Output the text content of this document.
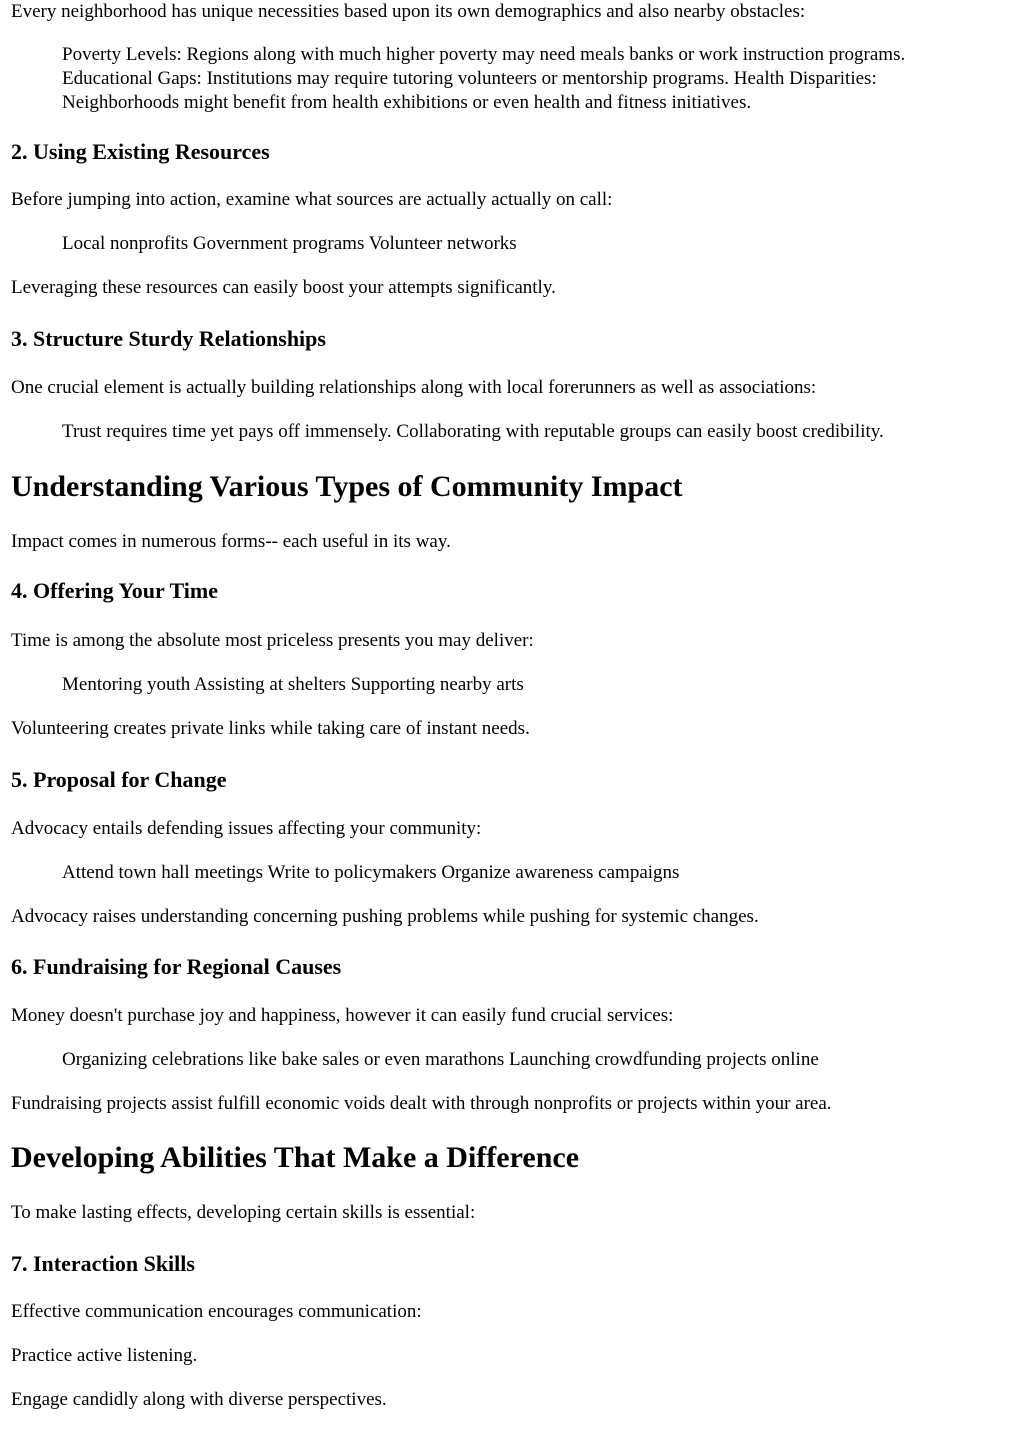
Every neighborhood has unique necessities based upon its own demographics and also nearby obstacles:
Poverty Levels: Regions along with much higher poverty may need meals banks or work instruction programs. Educational Gaps: Institutions may require tutoring volunteers or mentorship programs. Health Disparities: Neighborhoods might benefit from health exhibitions or even health and fitness initiatives.
2. Using Existing Resources
Before jumping into action, examine what sources are actually actually on call:
Local nonprofits Government programs Volunteer networks
Leveraging these resources can easily boost your attempts significantly.
3. Structure Sturdy Relationships
One crucial element is actually building relationships along with local forerunners as well as associations:
Trust requires time yet pays off immensely. Collaborating with reputable groups can easily boost credibility.
Understanding Various Types of Community Impact
Impact comes in numerous forms-- each useful in its way.
4. Offering Your Time
Time is among the absolute most priceless presents you may deliver:
Mentoring youth Assisting at shelters Supporting nearby arts
Volunteering creates private links while taking care of instant needs.
5. Proposal for Change
Advocacy entails defending issues affecting your community:
Attend town hall meetings Write to policymakers Organize awareness campaigns
Advocacy raises understanding concerning pushing problems while pushing for systemic changes.
6. Fundraising for Regional Causes
Money doesn't purchase joy and happiness, however it can easily fund crucial services:
Organizing celebrations like bake sales or even marathons Launching crowdfunding projects online
Fundraising projects assist fulfill economic voids dealt with through nonprofits or projects within your area.
Developing Abilities That Make a Difference
To make lasting effects, developing certain skills is essential:
7. Interaction Skills
Effective communication encourages communication:
Practice active listening.
Engage candidly along with diverse perspectives.
